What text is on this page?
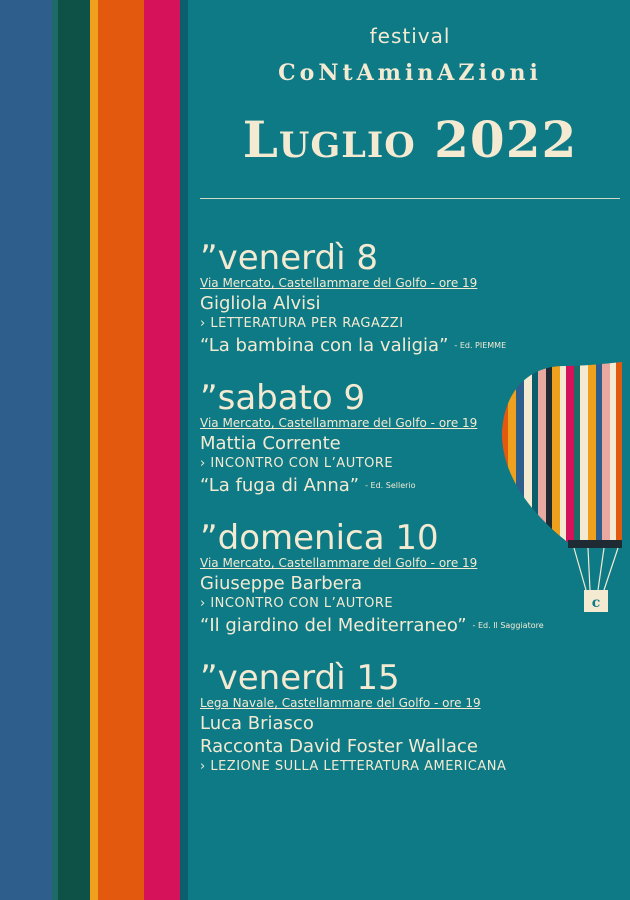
festival
CoNtAminAZioni
Luglio 2022
”venerdì 8
Via Mercato, Castellammare del Golfo - ore 19
Gigliola Alvisi
› LETTERATURA PER RAGAZZI
“La bambina con la valigia” - Ed. PIEMME
”sabato 9
Via Mercato, Castellammare del Golfo - ore 19
Mattia Corrente
› INCONTRO CON L’AUTORE
“La fuga di Anna” - Ed. Sellerio
”domenica 10
Via Mercato, Castellammare del Golfo - ore 19
Giuseppe Barbera
› INCONTRO CON L’AUTORE
“Il giardino del Mediterraneo” - Ed. Il Saggiatore
”venerdì 15
Lega Navale, Castellammare del Golfo - ore 19
Luca Briasco
Racconta David Foster Wallace
› LEZIONE SULLA LETTERATURA AMERICANA
c
